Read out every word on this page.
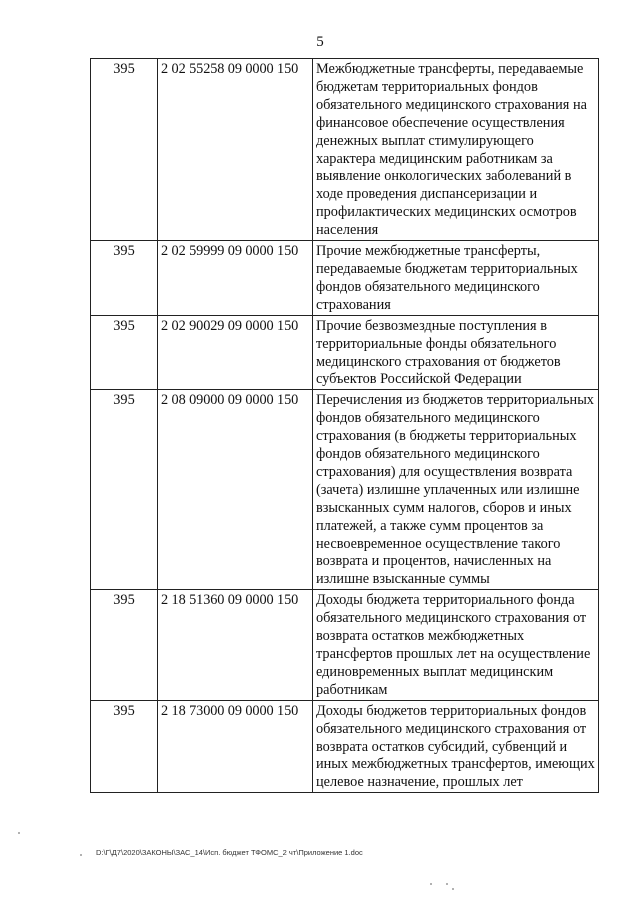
5
395	2 02 55258 09 0000 150	Межбюджетные трансферты, передаваемые бюджетам территориальных фондов обязательного медицинского страхования на финансовое обеспечение осуществления денежных выплат стимулирующего характера медицинским работникам за выявление онкологических заболеваний в ходе проведения диспансеризации и профилактических медицинских осмотров населения
395	2 02 59999 09 0000 150	Прочие межбюджетные трансферты, передаваемые бюджетам территориальных фондов обязательного медицинского страхования
395	2 02 90029 09 0000 150	Прочие безвозмездные поступления в территориальные фонды обязательного медицинского страхования от бюджетов субъектов Российской Федерации
395	2 08 09000 09 0000 150	Перечисления из бюджетов территориальных фондов обязательного медицинского страхования (в бюджеты территориальных фондов обязательного медицинского страхования) для осуществления возврата (зачета) излишне уплаченных или излишне взысканных сумм налогов, сборов и иных платежей, а также сумм процентов за несвоевременное осуществление такого возврата и процентов, начисленных на излишне взысканные суммы
395	2 18 51360 09 0000 150	Доходы бюджета территориального фонда обязательного медицинского страхования от возврата остатков межбюджетных трансфертов прошлых лет на осуществление единовременных выплат медицинским работникам
395	2 18 73000 09 0000 150	Доходы бюджетов территориальных фондов обязательного медицинского страхования от возврата остатков субсидий, субвенций и иных межбюджетных трансфертов, имеющих целевое назначение, прошлых лет
D:\Г\Д7\2020\ЗАКОНЫ\ЗАС_14\Исп. бюджет ТФОМС_2 чт\Приложение 1.doc
